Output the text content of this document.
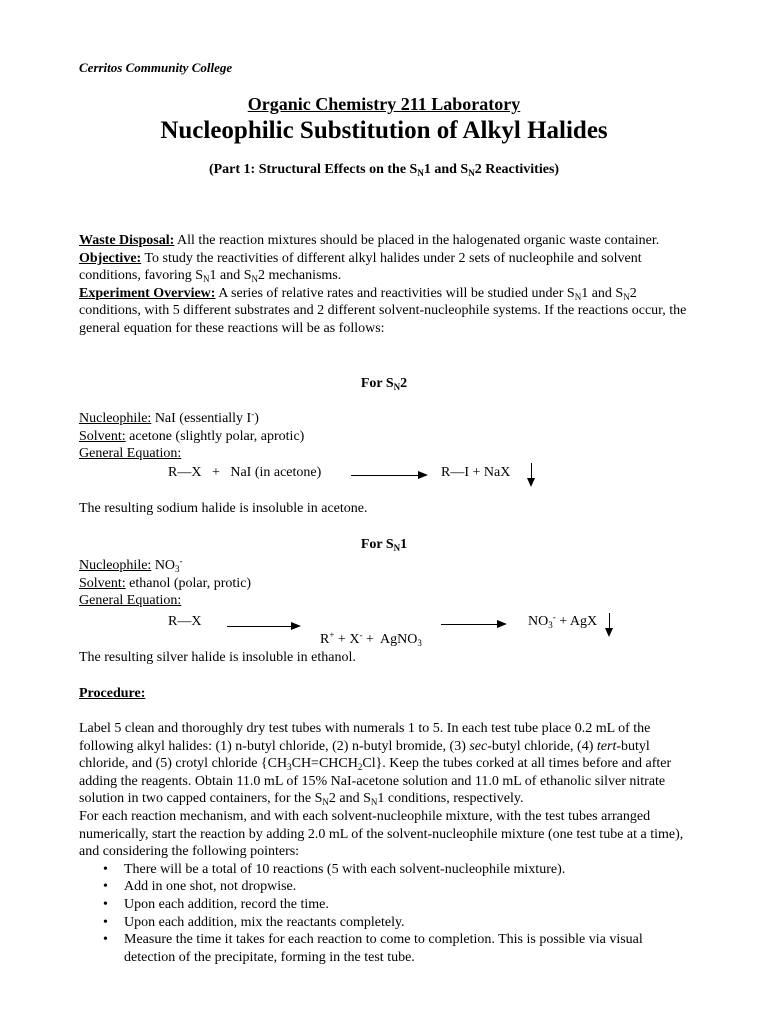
Cerritos Community College
Organic Chemistry 211 Laboratory
Nucleophilic Substitution of Alkyl Halides
(Part 1: Structural Effects on the $S_N1$ and $S_N2$ Reactivities)
Waste Disposal: All the reaction mixtures should be placed in the halogenated organic waste container.
Objective: To study the reactivities of different alkyl halides under 2 sets of nucleophile and solvent conditions, favoring $S_N1$ and $S_N2$ mechanisms.
Experiment Overview: A series of relative rates and reactivities will be studied under $S_N1$ and $S_N2$ conditions, with 5 different substrates and 2 different solvent-nucleophile systems. If the reactions occur, the general equation for these reactions will be as follows:
For $S_N2$
Nucleophile: NaI (essentially I-)
Solvent: acetone (slightly polar, aprotic)
General Equation:
R—X   +   NaI (in acetone)	R—I + NaX
The resulting sodium halide is insoluble in acetone.
For $S_N1$
Nucleophile: $NO_3^-$
Solvent: ethanol (polar, protic)
General Equation:
R—X

R+ + X- +  AgNO$_3$

$NO_3^-$ + AgX
The resulting silver halide is insoluble in ethanol.
Procedure:
Label 5 clean and thoroughly dry test tubes with numerals 1 to 5. In each test tube place 0.2 mL of the following alkyl halides: (1) n-butyl chloride, (2) n-butyl bromide, (3) sec-butyl chloride, (4) tert-butyl chloride, and (5) crotyl chloride $\{CH_3CH=CHCH_2Cl\}$. Keep the tubes corked at all times before and after adding the reagents. Obtain 11.0 mL of 15% NaI-acetone solution and 11.0 mL of ethanolic silver nitrate solution in two capped containers, for the $S_N2$ and $S_N1$ conditions, respectively.
For each reaction mechanism, and with each solvent-nucleophile mixture, with the test tubes arranged numerically, start the reaction by adding 2.0 mL of the solvent-nucleophile mixture (one test tube at a time), and considering the following pointers:
• There will be a total of 10 reactions (5 with each solvent-nucleophile mixture).
• Add in one shot, not dropwise.
• Upon each addition, record the time.
• Upon each addition, mix the reactants completely.
• Measure the time it takes for each reaction to come to completion. This is possible via visual detection of the precipitate, forming in the test tube.
